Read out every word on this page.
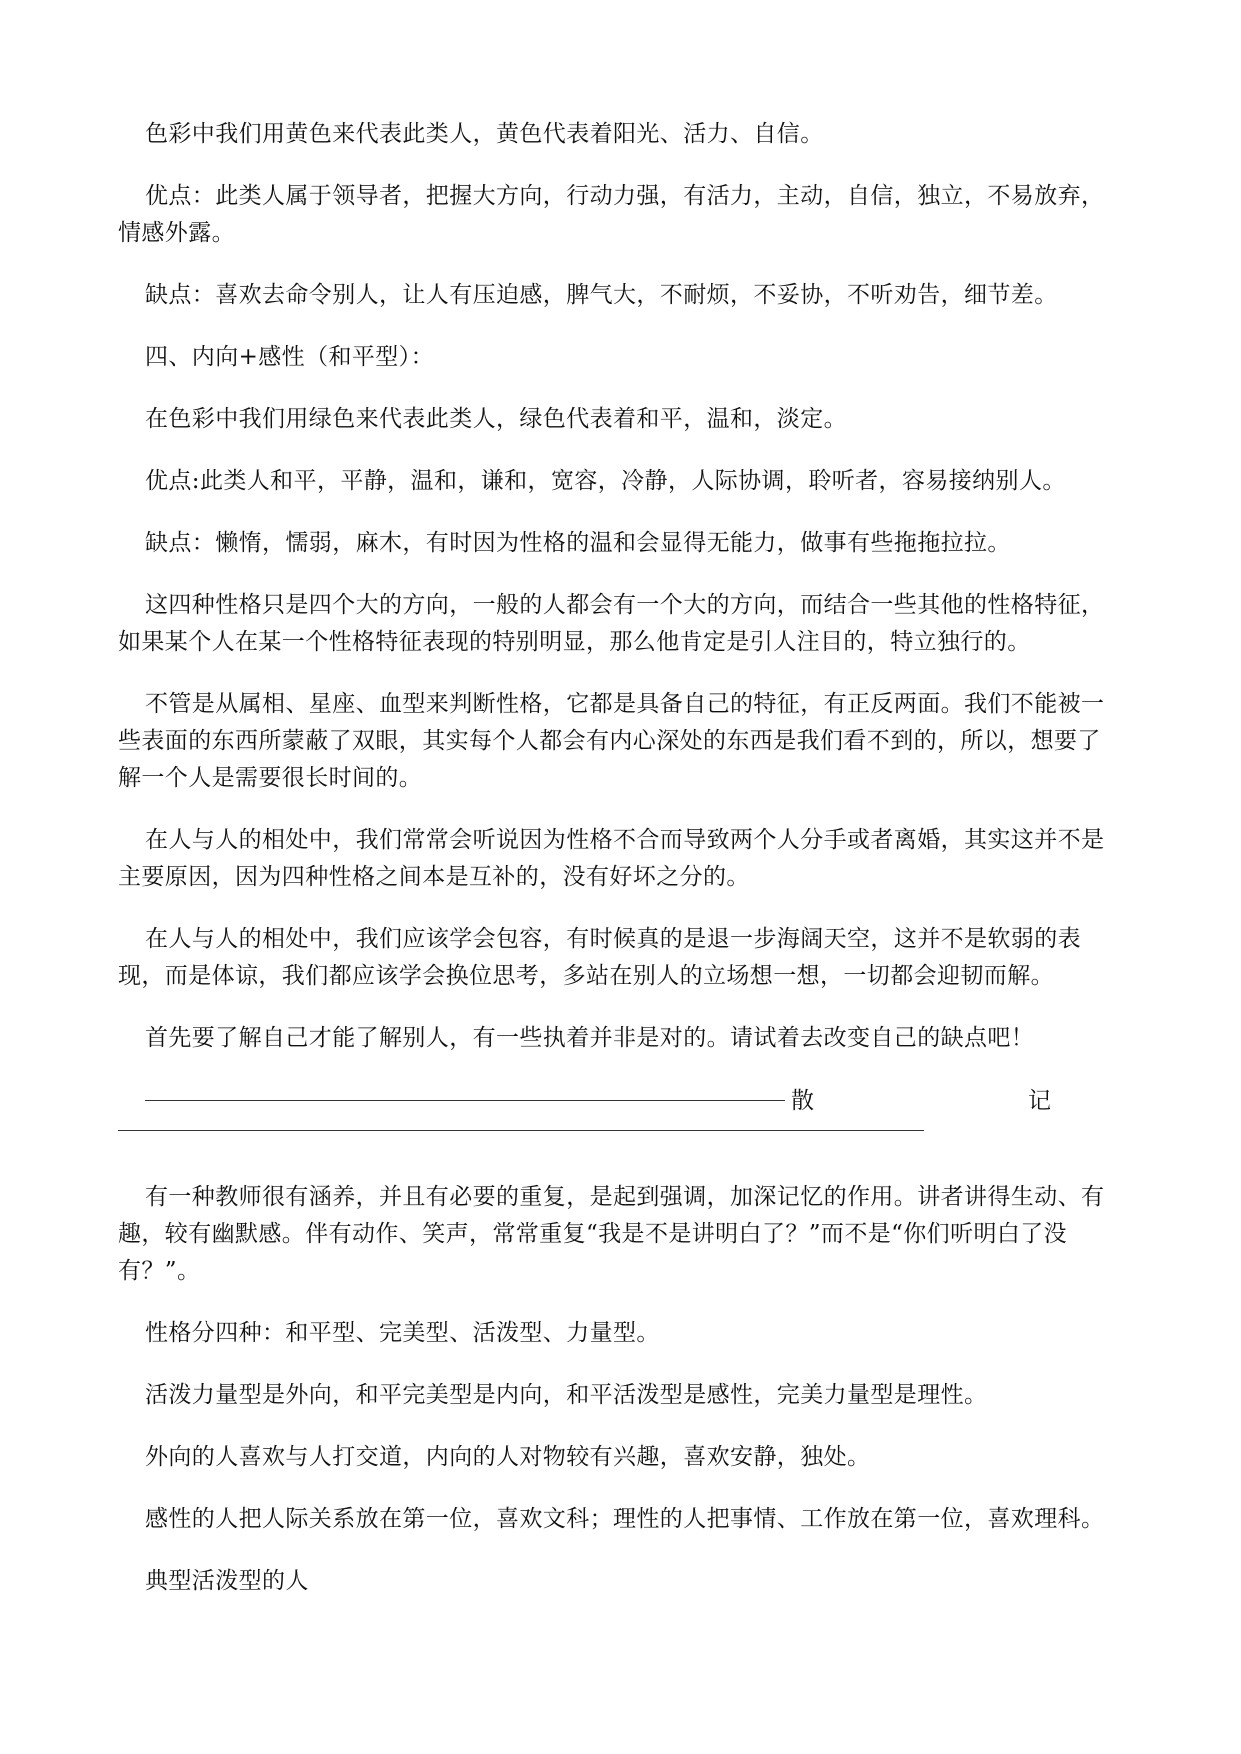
色彩中我们用黄色来代表此类人，黄色代表着阳光、活力、自信。

优点：此类人属于领导者，把握大方向，行动力强，有活力，主动，自信，独立，不易放弃，情感外露。

缺点：喜欢去命令别人，让人有压迫感，脾气大，不耐烦，不妥协，不听劝告，细节差。

四、内向+感性（和平型）：

在色彩中我们用绿色来代表此类人，绿色代表着和平，温和，淡定。

优点:此类人和平，平静，温和，谦和，宽容，冷静，人际协调，聆听者，容易接纳别人。

缺点：懒惰，懦弱，麻木，有时因为性格的温和会显得无能力，做事有些拖拖拉拉。

这四种性格只是四个大的方向，一般的人都会有一个大的方向，而结合一些其他的性格特征，如果某个人在某一个性格特征表现的特别明显，那么他肯定是引人注目的，特立独行的。

不管是从属相、星座、血型来判断性格，它都是具备自己的特征，有正反两面。我们不能被一些表面的东西所蒙蔽了双眼，其实每个人都会有内心深处的东西是我们看不到的，所以，想要了解一个人是需要很长时间的。

在人与人的相处中，我们常常会听说因为性格不合而导致两个人分手或者离婚，其实这并不是主要原因，因为四种性格之间本是互补的，没有好坏之分的。

在人与人的相处中，我们应该学会包容，有时候真的是退一步海阔天空，这并不是软弱的表现，而是体谅，我们都应该学会换位思考，多站在别人的立场想一想，一切都会迎韧而解。

首先要了解自己才能了解别人，有一些执着并非是对的。请试着去改变自己的缺点吧！

散	记

有一种教师很有涵养，并且有必要的重复，是起到强调，加深记忆的作用。讲者讲得生动、有趣，较有幽默感。伴有动作、笑声，常常重复“我是不是讲明白了？”而不是“你们听明白了没有？”。

性格分四种：和平型、完美型、活泼型、力量型。

活泼力量型是外向，和平完美型是内向，和平活泼型是感性，完美力量型是理性。

外向的人喜欢与人打交道，内向的人对物较有兴趣，喜欢安静，独处。

感性的人把人际关系放在第一位，喜欢文科；理性的人把事情、工作放在第一位，喜欢理科。

典型活泼型的人
